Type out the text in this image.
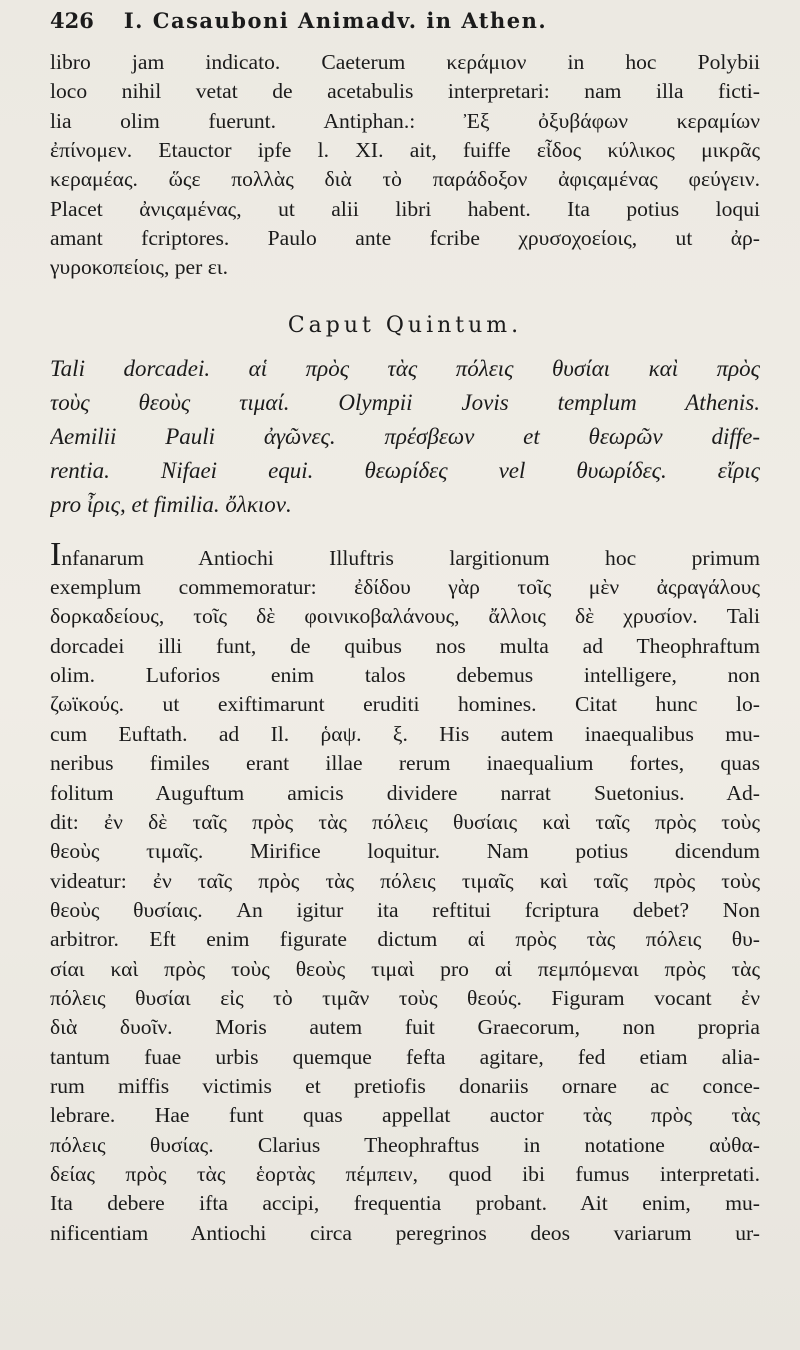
426 I. Casauboni Animadv. in Athen.

libro jam indicato. Caeterum κεράμιον in hoc Polybii

loco nihil vetat de acetabulis interpretari: nam illa ficti-

lia olim fuerunt. Antiphan.: Ἐξ ὀξυβάφων κεραμίων

ἐπίνομεν. Etauctor ipfe l. XI. ait, fuiffe εἶδος κύλικος μικρᾶς

κεραμέας. ὥςε πολλὰς διὰ τὸ παράδοξον ἀφιςαμένας φεύγειν.

Placet ἀνιςαμένας, ut alii libri habent. Ita potius loqui

amant fcriptores. Paulo ante fcribe χρυσοχοείοις, ut ἀρ-

γυροκοπείοις, per ει.

Caput Quintum.

Tali dorcadei. αἱ πρὸς τὰς πόλεις θυσίαι καὶ πρὸς

τοὺς θεοὺς τιμαί. Olympii Jovis templum Athenis.

Aemilii Pauli ἀγῶνες. πρέσβεων et θεωρῶν diffe-

rentia. Nifaei equi. θεωρίδες vel θυωρίδες. εἴρις

pro ἶρις, et fimilia. ὄλκιον.

Infanarum Antiochi Illuftris largitionum hoc primum

exemplum commemoratur: ἐδίδου γὰρ τοῖς μὲν ἀςραγάλους

δορκαδείους, τοῖς δὲ φοινικοβαλάνους, ἄλλοις δὲ χρυσίον. Tali

dorcadei illi funt, de quibus nos multa ad Theophraftum

olim. Luforios enim talos debemus intelligere, non

ζωϊκούς. ut exiftimarunt eruditi homines. Citat hunc lo-

cum Euftath. ad Il. ῥαψ. ξ. His autem inaequalibus mu-

neribus fimiles erant illae rerum inaequalium fortes, quas

folitum Auguftum amicis dividere narrat Suetonius. Ad-

dit: ἐν δὲ ταῖς πρὸς τὰς πόλεις θυσίαις καὶ ταῖς πρὸς τοὺς

θεοὺς τιμαῖς. Mirifice loquitur. Nam potius dicendum

videatur: ἐν ταῖς πρὸς τὰς πόλεις τιμαῖς καὶ ταῖς πρὸς τοὺς

θεοὺς θυσίαις. An igitur ita reftitui fcriptura debet? Non

arbitror. Eft enim figurate dictum αἱ πρὸς τὰς πόλεις θυ-

σίαι καὶ πρὸς τοὺς θεοὺς τιμαὶ pro αἱ πεμπόμεναι πρὸς τὰς

πόλεις θυσίαι εἰς τὸ τιμᾶν τοὺς θεούς. Figuram vocant ἐν

διὰ δυοῖν. Moris autem fuit Graecorum, non propria

tantum fuae urbis quemque fefta agitare, fed etiam alia-

rum miffis victimis et pretiofis donariis ornare ac conce-

lebrare. Hae funt quas appellat auctor τὰς πρὸς τὰς

πόλεις θυσίας. Clarius Theophraftus in notatione αὐθα-

δείας πρὸς τὰς ἑορτὰς πέμπειν, quod ibi fumus interpretati.

Ita debere ifta accipi, frequentia probant. Ait enim, mu-

nificentiam Antiochi circa peregrinos deos variarum ur-
